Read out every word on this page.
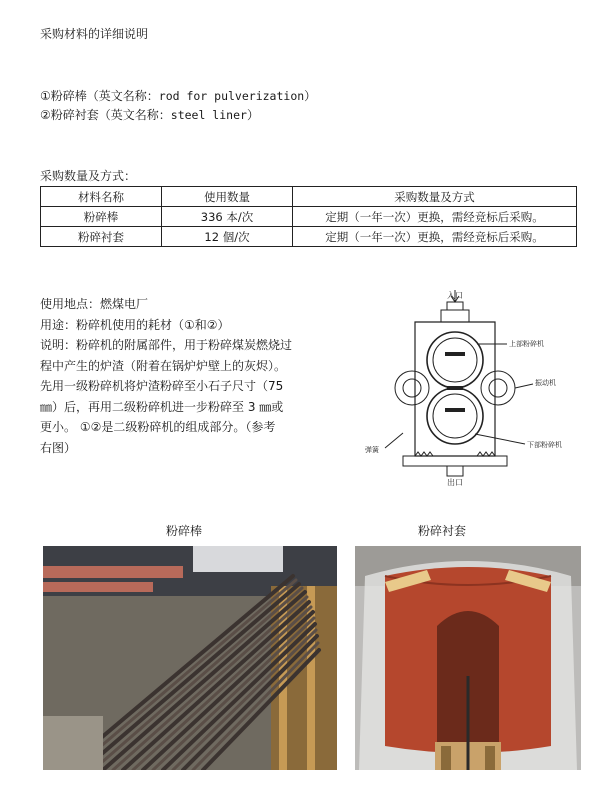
采购材料的详细说明
①粉碎棒（英文名称：rod for pulverization）
②粉碎衬套（英文名称：steel liner）
采购数量及方式：
材料名称	使用数量	采购数量及方式
粉碎棒	336 本/次	定期（一年一次）更换，需经竞标后采购。
粉碎衬套	12 個/次	定期（一年一次）更换，需经竞标后采购。
使用地点：燃煤电厂
用途：粉碎机使用的耗材（①和②）
说明：粉碎机的附属部件，用于粉碎煤炭燃烧过
程中产生的炉渣（附着在锅炉炉壁上的灰烬）。
先用一级粉碎机将炉渣粉碎至小石子尺寸（75
㎜）后，再用二级粉碎机进一步粉碎至 3 ㎜或
更小。 ①②是二级粉碎机的组成部分。（参考
右图）
入口
上部粉碎机
振动机
弹簧
下部粉碎机
出口
粉碎棒	粉碎衬套
